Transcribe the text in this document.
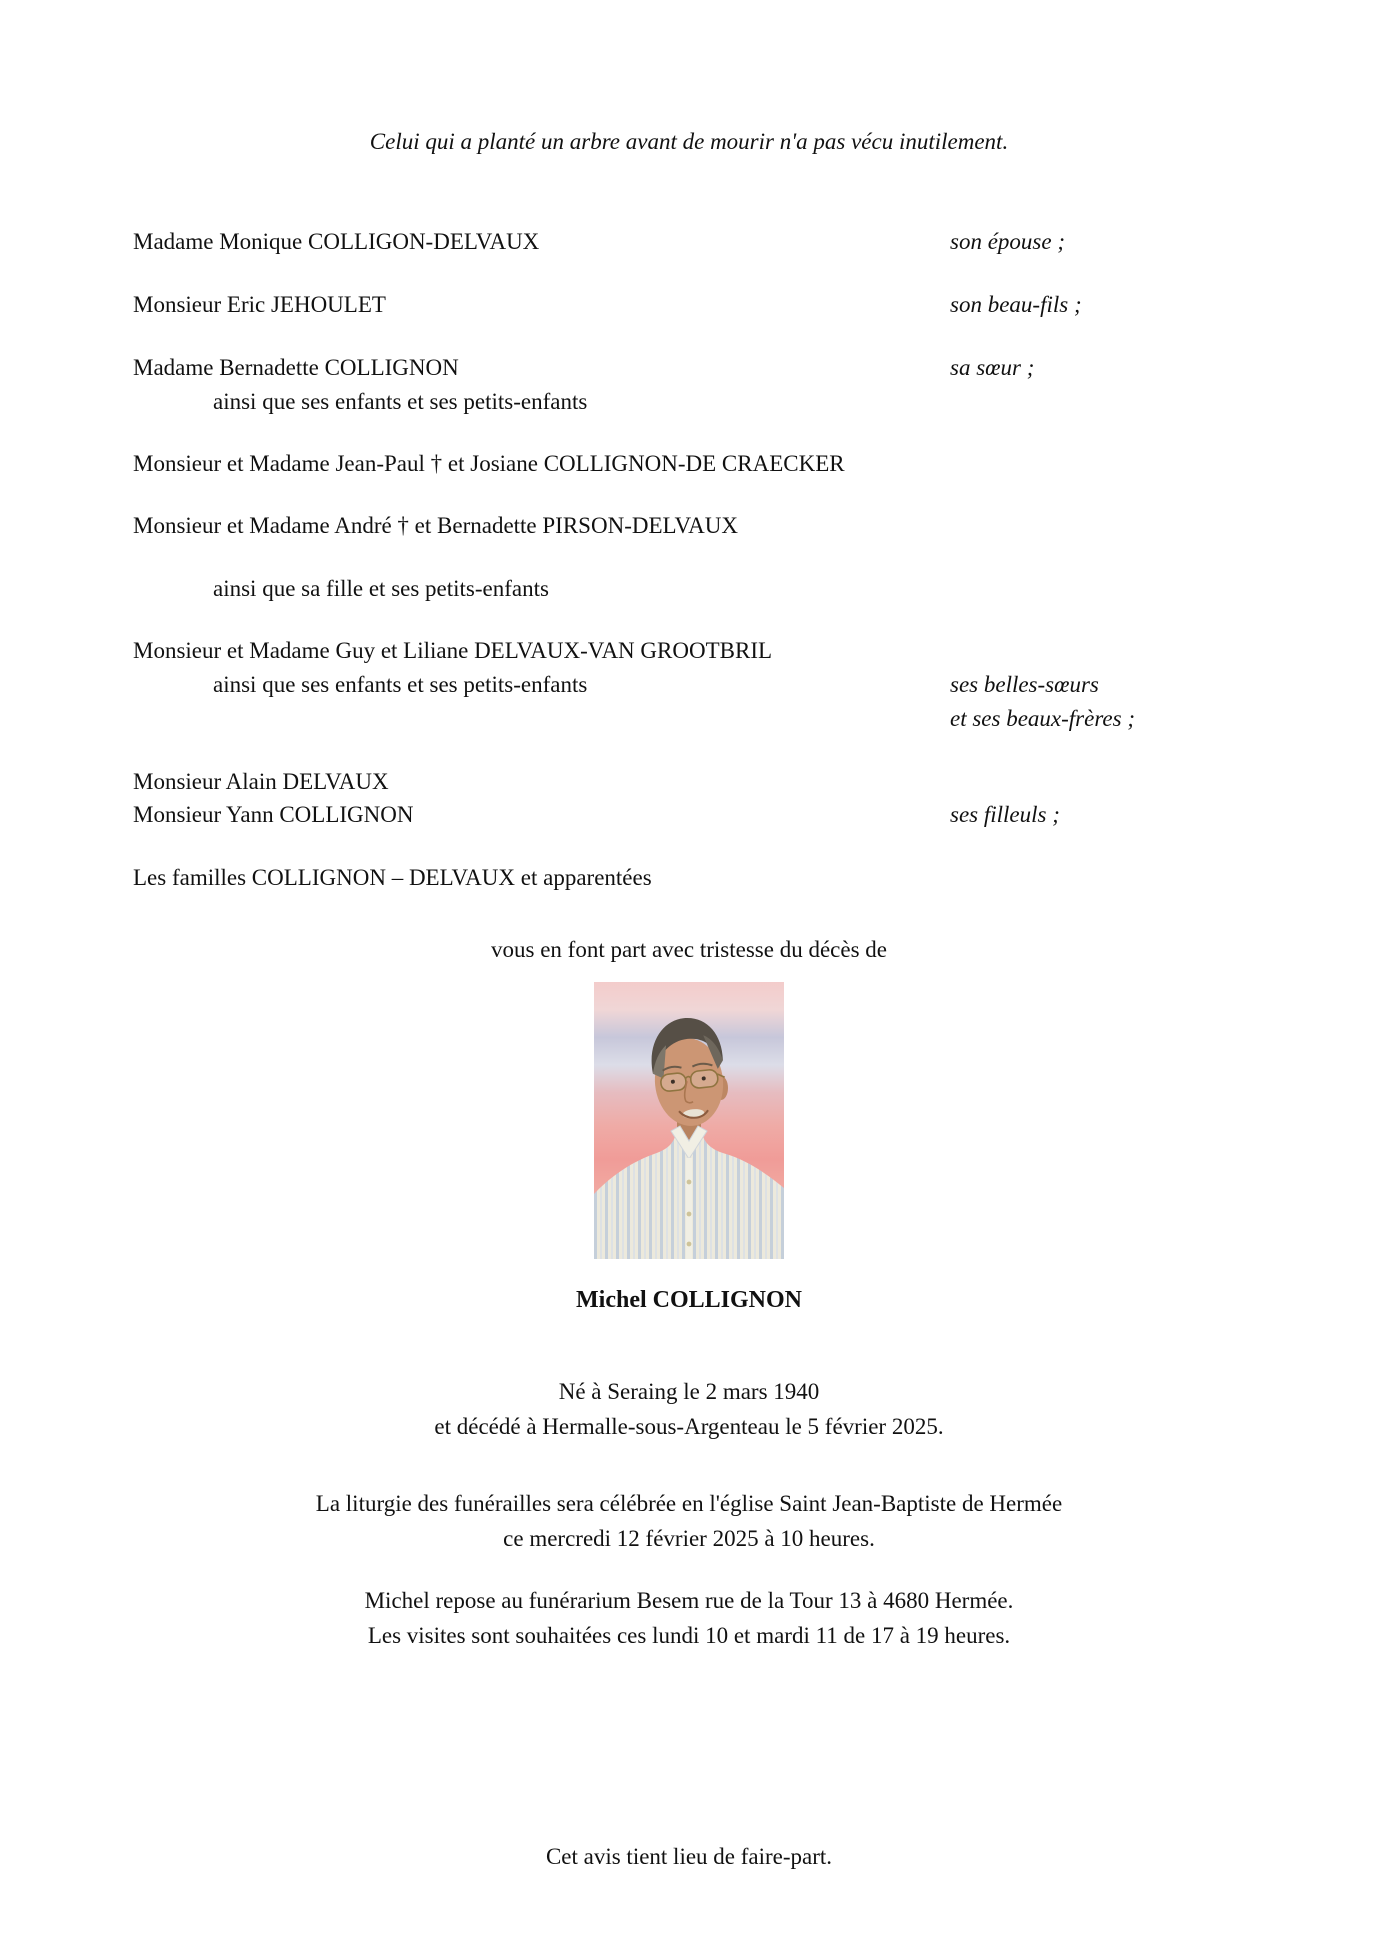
Celui qui a planté un arbre avant de mourir n'a pas vécu inutilement.
Madame Monique COLLIGON-DELVAUX	son épouse ;
Monsieur Eric JEHOULET	son beau-fils ;
Madame Bernadette COLLIGNON	sa sœur ;
ainsi que ses enfants et ses petits-enfants
Monsieur et Madame Jean-Paul † et Josiane COLLIGNON-DE CRAECKER
Monsieur et Madame André † et Bernadette PIRSON-DELVAUX
ainsi que sa fille et ses petits-enfants
Monsieur et Madame Guy et Liliane DELVAUX-VAN GROOTBRIL
ainsi que ses enfants et ses petits-enfants	ses belles-sœurs
et ses beaux-frères ;
Monsieur Alain DELVAUX
Monsieur Yann COLLIGNON	ses filleuls ;
Les familles COLLIGNON – DELVAUX et apparentées
vous en font part avec tristesse du décès de
Michel COLLIGNON
Né à Seraing le 2 mars 1940
et décédé à Hermalle-sous-Argenteau le 5 février 2025.
La liturgie des funérailles sera célébrée en l'église Saint Jean-Baptiste de Hermée
ce mercredi 12 février 2025 à 10 heures.
Michel repose au funérarium Besem rue de la Tour 13 à 4680 Hermée.
Les visites sont souhaitées ces lundi 10 et mardi 11 de 17 à 19 heures.
Cet avis tient lieu de faire-part.
